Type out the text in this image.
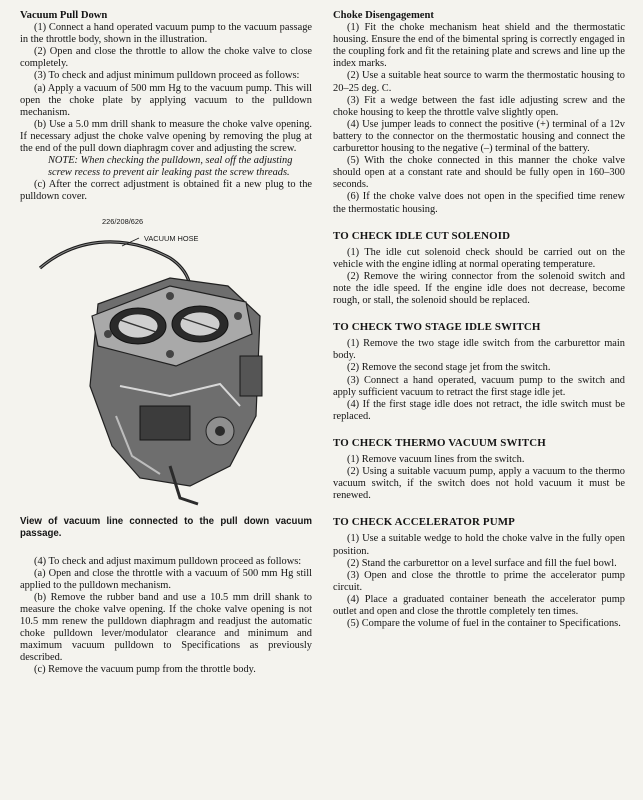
Vacuum Pull Down

(1) Connect a hand operated vacuum pump to the vacuum passage in the throttle body, shown in the illustration.

(2) Open and close the throttle to allow the choke valve to close completely.

(3) To check and adjust minimum pulldown proceed as follows:

(a) Apply a vacuum of 500 mm Hg to the vacuum pump. This will open the choke plate by applying vacuum to the pulldown mechanism.

(b) Use a 5.0 mm drill shank to measure the choke valve opening. If necessary adjust the choke valve opening by removing the plug at the end of the pull down diaphragm cover and adjusting the screw.

NOTE: When checking the pulldown, seal off the adjusting screw recess to prevent air leaking past the screw threads.

(c) After the correct adjustment is obtained fit a new plug to the pulldown cover.

226/208/626
VACUUM HOSE

View of vacuum line connected to the pull down vacuum passage.

(4) To check and adjust maximum pulldown proceed as follows:

(a) Open and close the throttle with a vacuum of 500 mm Hg still applied to the pulldown mechanism.

(b) Remove the rubber band and use a 10.5 mm drill shank to measure the choke valve opening. If the choke valve opening is not 10.5 mm renew the pulldown diaphragm and readjust the automatic choke pulldown lever/modulator clearance and minimum and maximum vacuum pulldown to Specifications as previously described.

(c) Remove the vacuum pump from the throttle body.

Choke Disengagement

(1) Fit the choke mechanism heat shield and the thermostatic housing. Ensure the end of the bimental spring is correctly engaged in the coupling fork and fit the retaining plate and screws and line up the index marks.

(2) Use a suitable heat source to warm the thermostatic housing to 20–25 deg. C.

(3) Fit a wedge between the fast idle adjusting screw and the choke housing to keep the throttle valve slightly open.

(4) Use jumper leads to connect the positive (+) terminal of a 12v battery to the connector on the thermostatic housing and connect the carburettor housing to the negative (–) terminal of the battery.

(5) With the choke connected in this manner the choke valve should open at a constant rate and should be fully open in 160–300 seconds.

(6) If the choke valve does not open in the specified time renew the thermostatic housing.

TO CHECK IDLE CUT SOLENOID

(1) The idle cut solenoid check should be carried out on the vehicle with the engine idling at normal operating temperature.

(2) Remove the wiring connector from the solenoid switch and note the idle speed. If the engine idle does not decrease, become rough, or stall, the solenoid should be replaced.

TO CHECK TWO STAGE IDLE SWITCH

(1) Remove the two stage idle switch from the carburettor main body.

(2) Remove the second stage jet from the switch.

(3) Connect a hand operated, vacuum pump to the switch and apply sufficient vacuum to retract the first stage idle jet.

(4) If the first stage idle does not retract, the idle switch must be replaced.

TO CHECK THERMO VACUUM SWITCH

(1) Remove vacuum lines from the switch.

(2) Using a suitable vacuum pump, apply a vacuum to the thermo vacuum switch, if the switch does not hold vacuum it must be renewed.

TO CHECK ACCELERATOR PUMP

(1) Use a suitable wedge to hold the choke valve in the fully open position.

(2) Stand the carburettor on a level surface and fill the fuel bowl.

(3) Open and close the throttle to prime the accelerator pump circuit.

(4) Place a graduated container beneath the accelerator pump outlet and open and close the throttle completely ten times.

(5) Compare the volume of fuel in the container to Specifications.
